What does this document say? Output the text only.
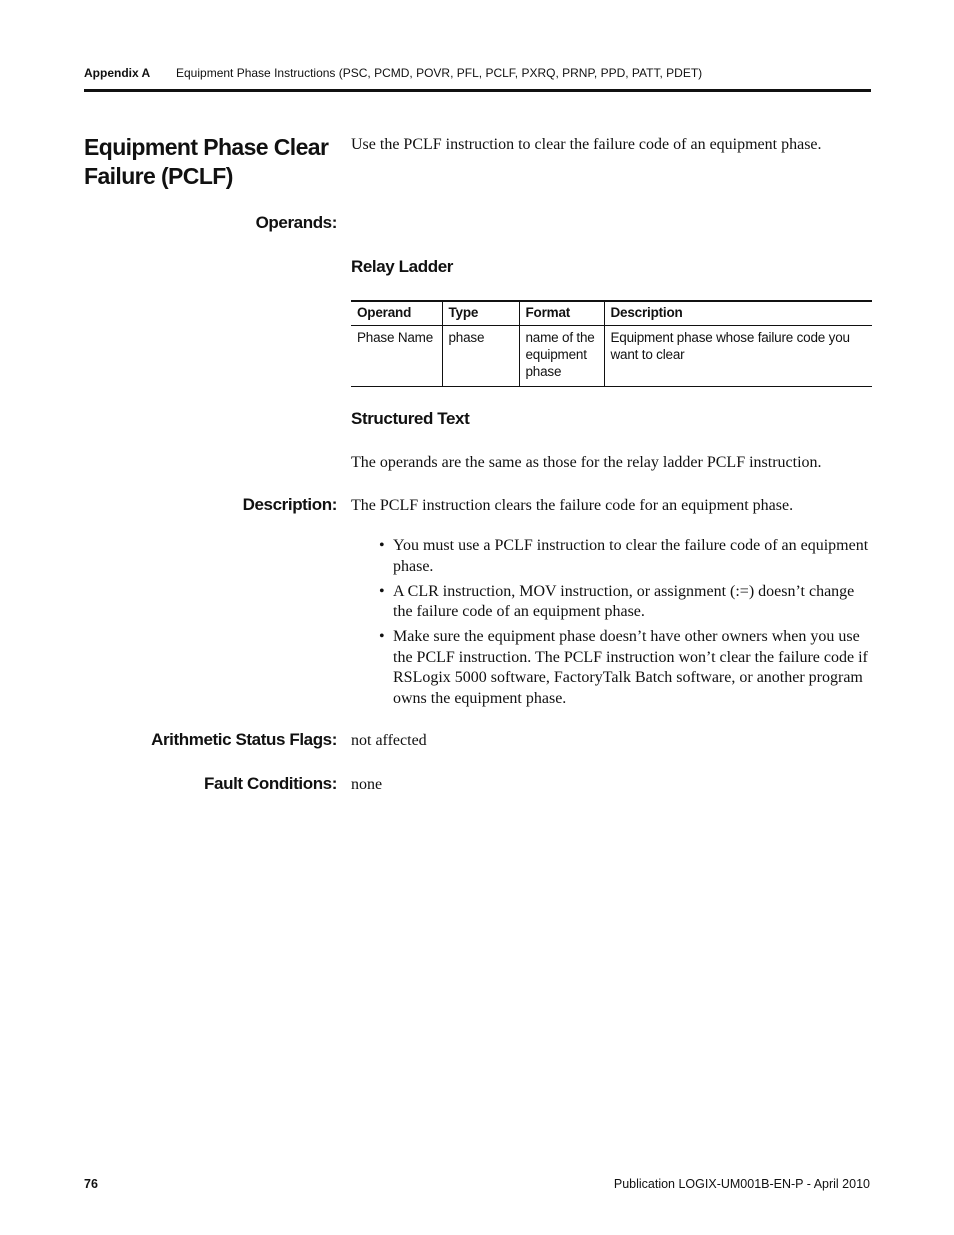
Appendix A Equipment Phase Instructions (PSC, PCMD, POVR, PFL, PCLF, PXRQ, PRNP, PPD, PATT, PDET)
Equipment Phase Clear Failure (PCLF)
Use the PCLF instruction to clear the failure code of an equipment phase.
Operands:
Relay Ladder
Operand	Type	Format	Description
Phase Name	phase	name of the equipment phase	Equipment phase whose failure code you want to clear
Structured Text
The operands are the same as those for the relay ladder PCLF instruction.
Description: The PCLF instruction clears the failure code for an equipment phase.
• You must use a PCLF instruction to clear the failure code of an equipment phase.
• A CLR instruction, MOV instruction, or assignment (:=) doesn’t change the failure code of an equipment phase.
• Make sure the equipment phase doesn’t have other owners when you use the PCLF instruction. The PCLF instruction won’t clear the failure code if RSLogix 5000 software, FactoryTalk Batch software, or another program owns the equipment phase.
Arithmetic Status Flags: not affected
Fault Conditions: none
76	Publication LOGIX-UM001B-EN-P - April 2010
